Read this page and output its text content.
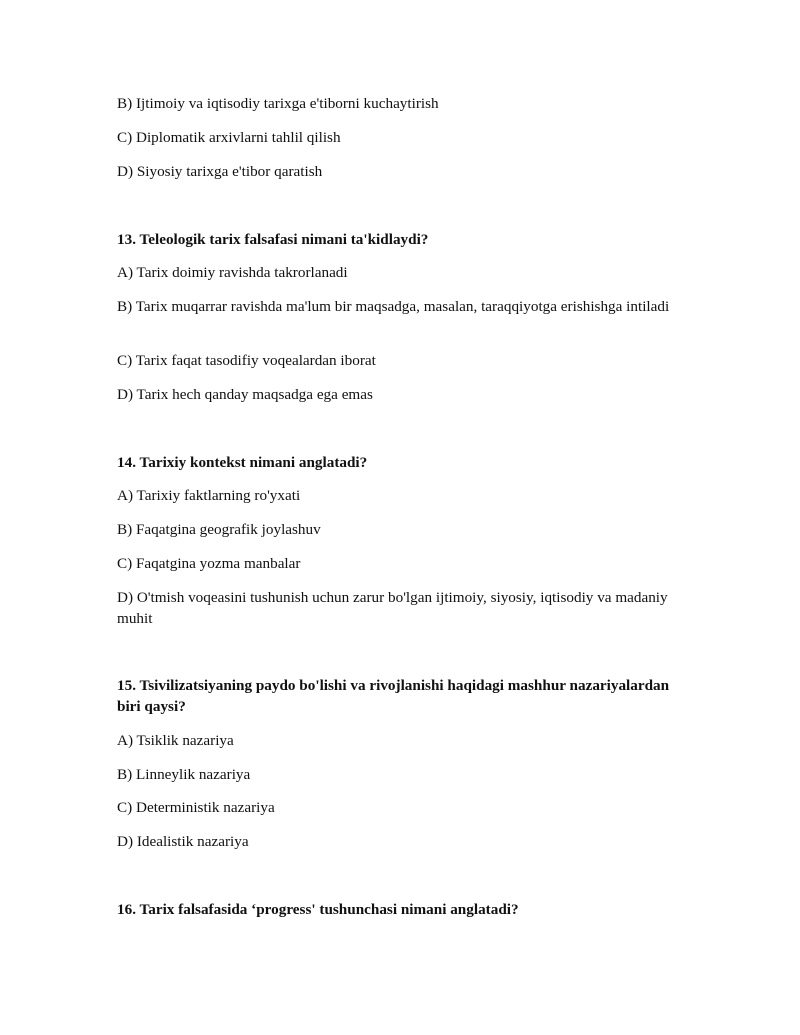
B) Ijtimoiy va iqtisodiy tarixga e'tiborni kuchaytirish

C) Diplomatik arxivlarni tahlil qilish

D) Siyosiy tarixga e'tibor qaratish

13. Teleologik tarix falsafasi nimani ta'kidlaydi?

A) Tarix doimiy ravishda takrorlanadi

B) Tarix muqarrar ravishda ma'lum bir maqsadga, masalan, taraqqiyotga erishishga intiladi

C) Tarix faqat tasodifiy voqealardan iborat

D) Tarix hech qanday maqsadga ega emas

14. Tarixiy kontekst nimani anglatadi?

A) Tarixiy faktlarning ro'yxati

B) Faqatgina geografik joylashuv

C) Faqatgina yozma manbalar

D) O'tmish voqeasini tushunish uchun zarur bo'lgan ijtimoiy, siyosiy, iqtisodiy va madaniy muhit

15. Tsivilizatsiyaning paydo bo'lishi va rivojlanishi haqidagi mashhur nazariyalardan biri qaysi?

A) Tsiklik nazariya

B) Linneylik nazariya

C) Deterministik nazariya

D) Idealistik nazariya

16. Tarix falsafasida ‘progress' tushunchasi nimani anglatadi?
